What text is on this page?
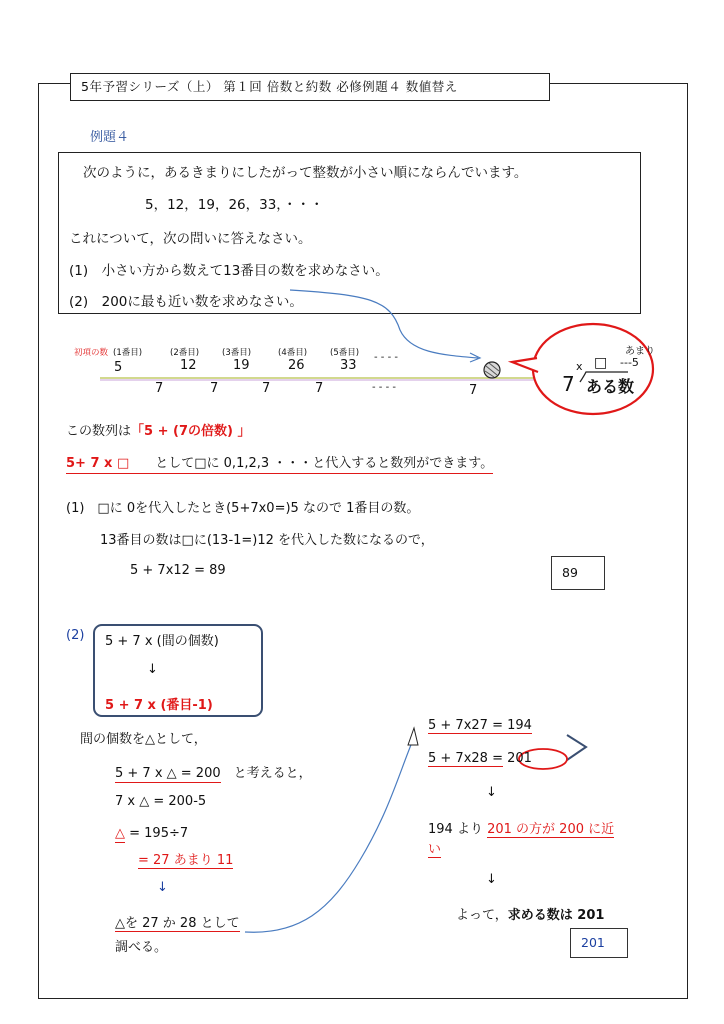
5年予習シリーズ（上） 第１回 倍数と約数 必修例題４ 数値替え
例題４
次のように，あるきまりにしたがって整数が小さい順にならんでいます。
5，12，19，26，33，・・・
これについて，次の問いに答えなさい。
(1)　小さい方から数えて13番目の数を求めなさい。
(2)　200に最も近い数を求めなさい。
初項の数 (1番目)	(2番目)	(3番目)	(4番目)	(5番目)
5	12	19	26	33
- - - -
- - - -
7	7	7	7	7
x □
あまり
---5
7 ある数
この数列は「5 + (7の倍数) 」
5+ 7 x □　　 として□に 0,1,2,3 ・・・と代入すると数列ができます。
(1)　□に 0を代入したとき(5+7x0=)5 なので 1番目の数。
13番目の数は□に(13-1=)12 を代入した数になるので，
5 + 7x12 = 89	89
(2) 5 + 7 x (間の個数)
↓
5 + 7 x (番目-1)
間の個数を△として，
5 + 7 x △ = 200　 と考えると，
7 x △ = 200-5
△ = 195÷7
= 27 あまり 11
↓
△を 27 か 28 として
調べる。
5 + 7x27 = 194
5 + 7x28 = 201
↓
194 より 201 の方が 200 に近
い
↓
よって，求める数は 201
201
